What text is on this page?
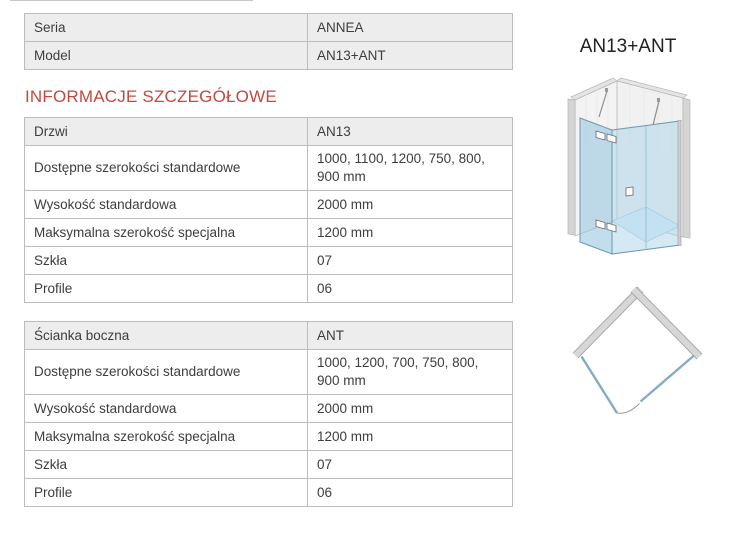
Seria	ANNEA
Model	AN13+ANT
INFORMACJE SZCZEGÓŁOWE
Drzwi	AN13
Dostępne szerokości standardowe	1000, 1100, 1200, 750, 800, 900 mm
Wysokość standardowa	2000 mm
Maksymalna szerokość specjalna	1200 mm
Szkła	07
Profile	06
Ścianka boczna	ANT
Dostępne szerokości standardowe	1000, 1200, 700, 750, 800, 900 mm
Wysokość standardowa	2000 mm
Maksymalna szerokość specjalna	1200 mm
Szkła	07
Profile	06
AN13+ANT
